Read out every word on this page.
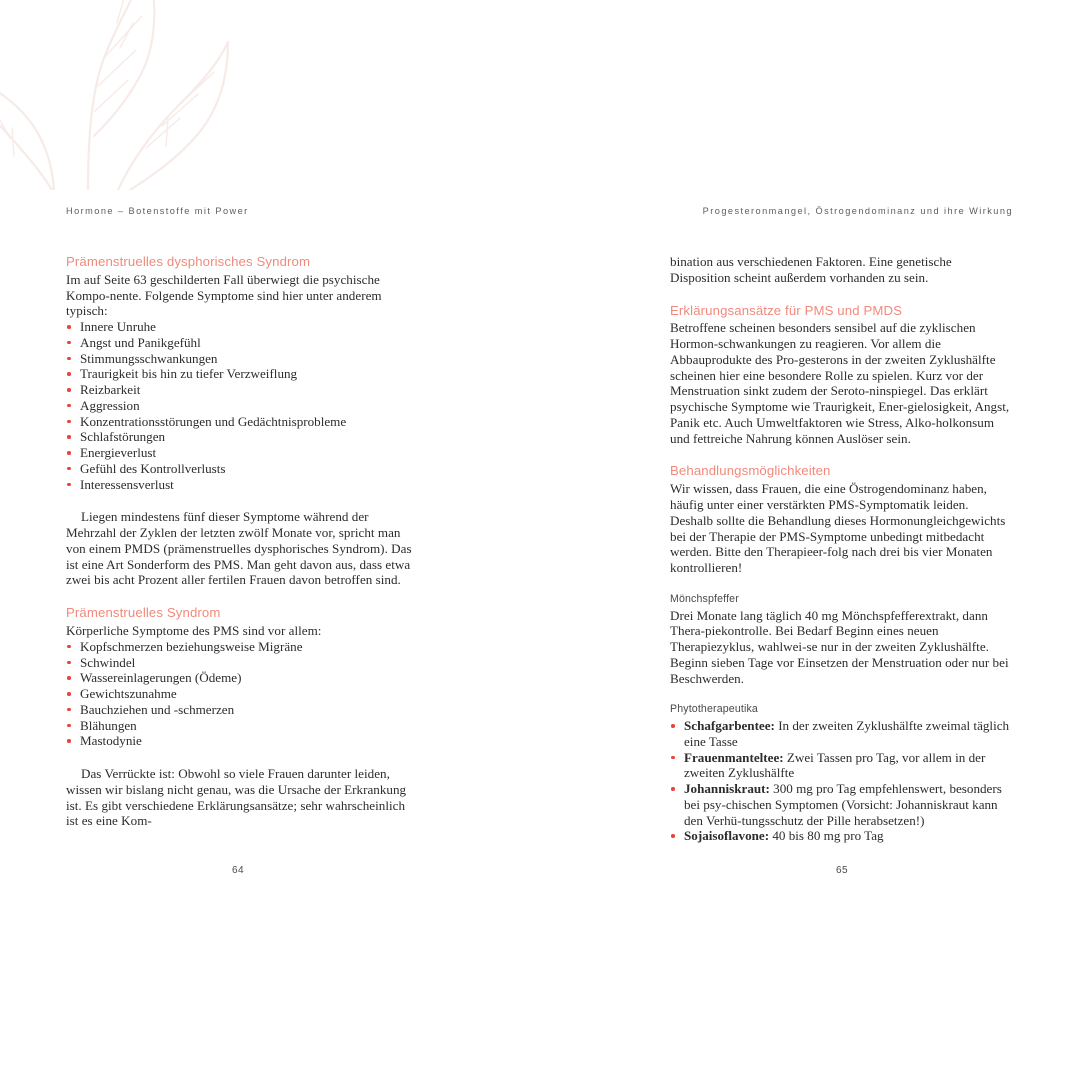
Hormone – Botenstoffe mit Power
Prämenstruelles dysphorisches Syndrom

Im auf Seite 63 geschilderten Fall überwiegt die psychische Kompo-nente. Folgende Symptome sind hier unter anderem typisch:

Innere Unruhe
Angst und Panikgefühl
Stimmungsschwankungen
Traurigkeit bis hin zu tiefer Verzweiflung
Reizbarkeit
Aggression
Konzentrationsstörungen und Gedächtnisprobleme
Schlafstörungen
Energieverlust
Gefühl des Kontrollverlusts
Interessensverlust

Liegen mindestens fünf dieser Symptome während der Mehrzahl der Zyklen der letzten zwölf Monate vor, spricht man von einem PMDS (prämenstruelles dysphorisches Syndrom). Das ist eine Art Sonderform des PMS. Man geht davon aus, dass etwa zwei bis acht Prozent aller fertilen Frauen davon betroffen sind.

Prämenstruelles Syndrom

Körperliche Symptome des PMS sind vor allem:

Kopfschmerzen beziehungsweise Migräne
Schwindel
Wassereinlagerungen (Ödeme)
Gewichtszunahme
Bauchziehen und -schmerzen
Blähungen
Mastodynie

Das Verrückte ist: Obwohl so viele Frauen darunter leiden, wissen wir bislang nicht genau, was die Ursache der Erkrankung ist. Es gibt verschiedene Erklärungsansätze; sehr wahrscheinlich ist es eine Kom-

64
Progesteronmangel, Östrogendominanz und ihre Wirkung

bination aus verschiedenen Faktoren. Eine genetische Disposition scheint außerdem vorhanden zu sein.

Erklärungsansätze für PMS und PMDS

Betroffene scheinen besonders sensibel auf die zyklischen Hormon-schwankungen zu reagieren. Vor allem die Abbauprodukte des Pro-gesterons in der zweiten Zyklushälfte scheinen hier eine besondere Rolle zu spielen. Kurz vor der Menstruation sinkt zudem der Seroto-ninspiegel. Das erklärt psychische Symptome wie Traurigkeit, Ener-gielosigkeit, Angst, Panik etc. Auch Umweltfaktoren wie Stress, Alko-holkonsum und fettreiche Nahrung können Auslöser sein.

Behandlungsmöglichkeiten

Wir wissen, dass Frauen, die eine Östrogendominanz haben, häufig unter einer verstärkten PMS-Symptomatik leiden. Deshalb sollte die Behandlung dieses Hormonungleichgewichts bei der Therapie der PMS-Symptome unbedingt mitbedacht werden. Bitte den Therapieer-folg nach drei bis vier Monaten kontrollieren!

Mönchspfeffer

Drei Monate lang täglich 40 mg Mönchspfefferextrakt, dann Thera-piekontrolle. Bei Bedarf Beginn eines neuen Therapiezyklus, wahlwei-se nur in der zweiten Zyklushälfte. Beginn sieben Tage vor Einsetzen der Menstruation oder nur bei Beschwerden.

Phytotherapeutika
Schafgarbentee: In der zweiten Zyklushälfte zweimal täglich eine Tasse
Frauenmanteltee: Zwei Tassen pro Tag, vor allem in der zweiten Zyklushälfte
Johanniskraut: 300 mg pro Tag empfehlenswert, besonders bei psy-chischen Symptomen (Vorsicht: Johanniskraut kann den Verhü-tungsschutz der Pille herabsetzen!)
Sojaisoflavone: 40 bis 80 mg pro Tag
65
